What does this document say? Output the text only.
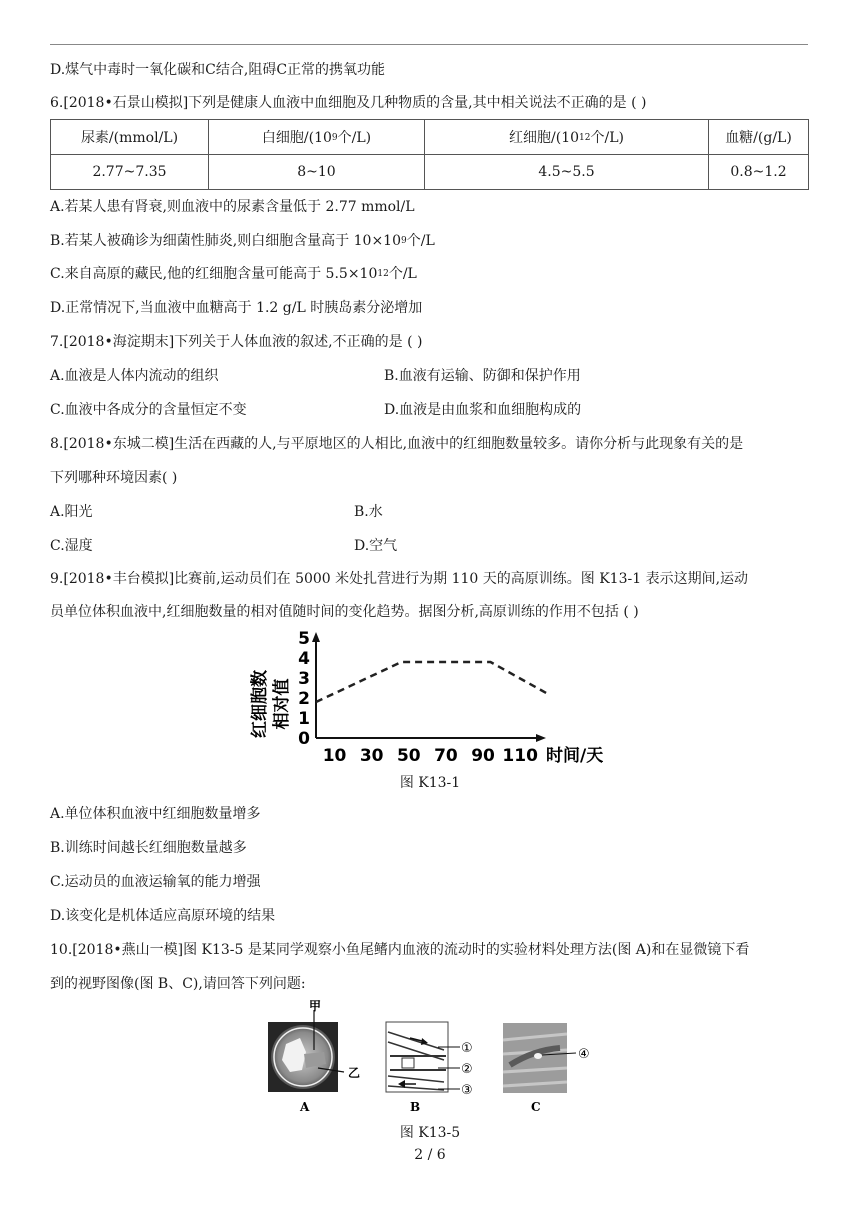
D.煤气中毒时一氧化碳和C结合,阻碍C正常的携氧功能
6.[2018•石景山模拟]下列是健康人血液中血细胞及几种物质的含量,其中相关说法不正确的是 ( )
尿素/(mmol/L)	白细胞$/(10^9$个/L)	红细胞$/(10^{12}$个/L)	血糖/(g/L)
2.77~7.35	8~10	4.5~5.5	0.8~1.2
A.若某人患有肾衰,则血液中的尿素含量低于 2.77 mmol/L
B.若某人被确诊为细菌性肺炎,则白细胞含量高于 $10\times 10^9$个/L
C.来自高原的藏民,他的红细胞含量可能高于 $5.5\times 10^{12}$个/L
D.正常情况下,当血液中血糖高于 1.2 g/L 时胰岛素分泌增加
7.[2018•海淀期末]下列关于人体血液的叙述,不正确的是 ( )
A.血液是人体内流动的组织	B.血液有运输、防御和保护作用
C.血液中各成分的含量恒定不变	D.血液是由血浆和血细胞构成的
8.[2018•东城二模]生活在西藏的人,与平原地区的人相比,血液中的红细胞数量较多。请你分析与此现象有关的是
下列哪种环境因素( )
A.阳光	B.水
C.湿度	D.空气
9.[2018•丰台模拟]比赛前,运动员们在 5000 米处扎营进行为期 110 天的高原训练。图 K13-1 表示这期间,运动
员单位体积血液中,红细胞数量的相对值随时间的变化趋势。据图分析,高原训练的作用不包括 ( )
红细胞数 相对值
0
1
2
3
4
5
10 30 50 70 90 110 时间/天
图 K13-1
A.单位体积血液中红细胞数量增多
B.训练时间越长红细胞数量越多
C.运动员的血液运输氧的能力增强
D.该变化是机体适应高原环境的结果
10.[2018•燕山一模]图 K13-5 是某同学观察小鱼尾鳍内血液的流动时的实验材料处理方法(图 A)和在显微镜下看
到的视野图像(图 B、C),请回答下列问题:
甲
乙
A
①
②
③
B
④
C
图 K13-5
2 / 6
